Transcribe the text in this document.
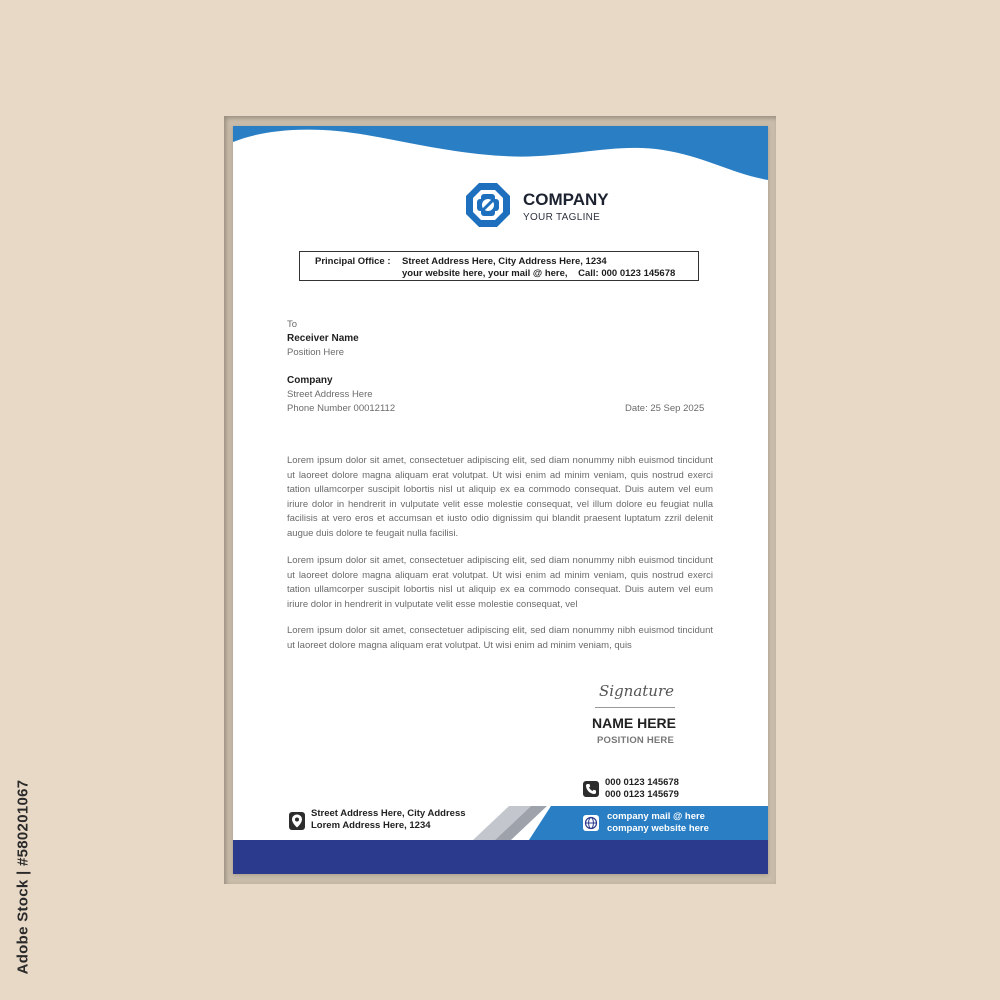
Adobe Stock | #580201067
COMPANY
YOUR TAGLINE
Principal Office : Street Address Here, City Address Here, 1234
your website here, your mail @ here,    Call: 000 0123 145678
To
Receiver Name
Position Here
Company
Street Address Here
Phone Number 00012112	Date: 25 Sep 2025
Lorem ipsum dolor sit amet, consectetuer adipiscing elit, sed diam nonummy nibh euismod tincidunt ut laoreet dolore magna aliquam erat volutpat. Ut wisi enim ad minim veniam, quis nostrud exerci tation ullamcorper suscipit lobortis nisl ut aliquip ex ea commodo consequat. Duis autem vel eum iriure dolor in hendrerit in vulputate velit esse molestie consequat, vel illum dolore eu feugiat nulla facilisis at vero eros et accumsan et iusto odio dignissim qui blandit praesent luptatum zzril delenit augue duis dolore te feugait nulla facilisi.
Lorem ipsum dolor sit amet, consectetuer adipiscing elit, sed diam nonummy nibh euismod tincidunt ut laoreet dolore magna aliquam erat volutpat. Ut wisi enim ad minim veniam, quis nostrud exerci tation ullamcorper suscipit lobortis nisl ut aliquip ex ea commodo consequat. Duis autem vel eum iriure dolor in hendrerit in vulputate velit esse molestie consequat, vel
Lorem ipsum dolor sit amet, consectetuer adipiscing elit, sed diam nonummy nibh euismod tincidunt ut laoreet dolore magna aliquam erat volutpat. Ut wisi enim ad minim veniam, quis
Signature
NAME HERE
POSITION HERE
000 0123 145678
000 0123 145679
Street Address Here, City Address
Lorem Address Here, 1234
company mail @ here
company website here
